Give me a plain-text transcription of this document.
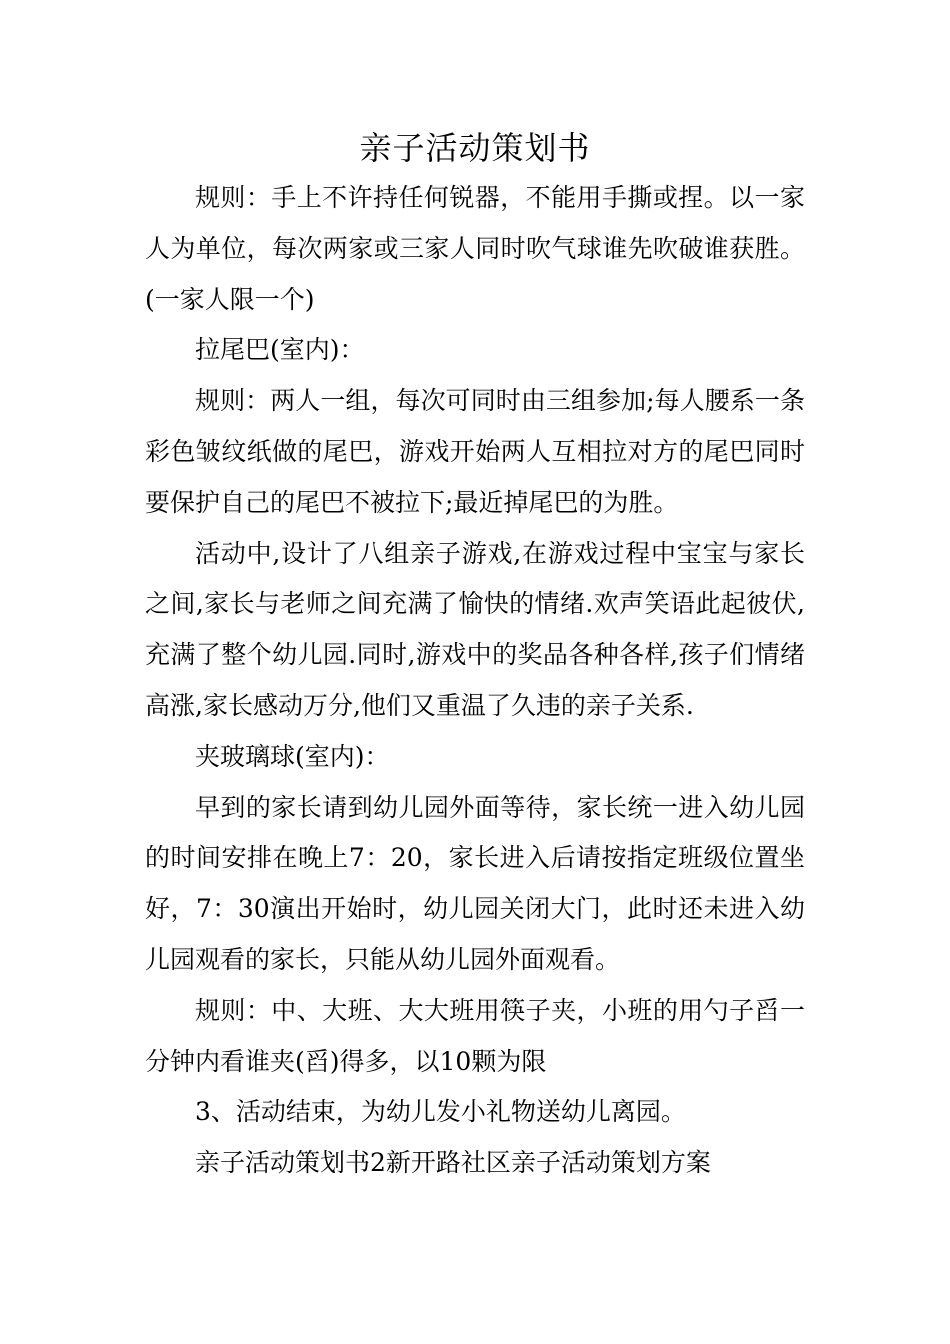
亲子活动策划书

规则：手上不许持任何锐器，不能用手撕或捏。以一家人为单位，每次两家或三家人同时吹气球谁先吹破谁获胜。(一家人限一个)

拉尾巴(室内)：

规则：两人一组，每次可同时由三组参加;每人腰系一条彩色皱纹纸做的尾巴，游戏开始两人互相拉对方的尾巴同时要保护自己的尾巴不被拉下;最近掉尾巴的为胜。

活动中,设计了八组亲子游戏,在游戏过程中宝宝与家长之间,家长与老师之间充满了愉快的情绪.欢声笑语此起彼伏,充满了整个幼儿园.同时,游戏中的奖品各种各样,孩子们情绪高涨,家长感动万分,他们又重温了久违的亲子关系.

夹玻璃球(室内)：

早到的家长请到幼儿园外面等待，家长统一进入幼儿园的时间安排在晚上7：20，家长进入后请按指定班级位置坐好，7：30演出开始时，幼儿园关闭大门，此时还未进入幼儿园观看的家长，只能从幼儿园外面观看。

规则：中、大班、大大班用筷子夹，小班的用勺子舀一分钟内看谁夹(舀)得多，以10颗为限

3、活动结束，为幼儿发小礼物送幼儿离园。

亲子活动策划书2新开路社区亲子活动策划方案
